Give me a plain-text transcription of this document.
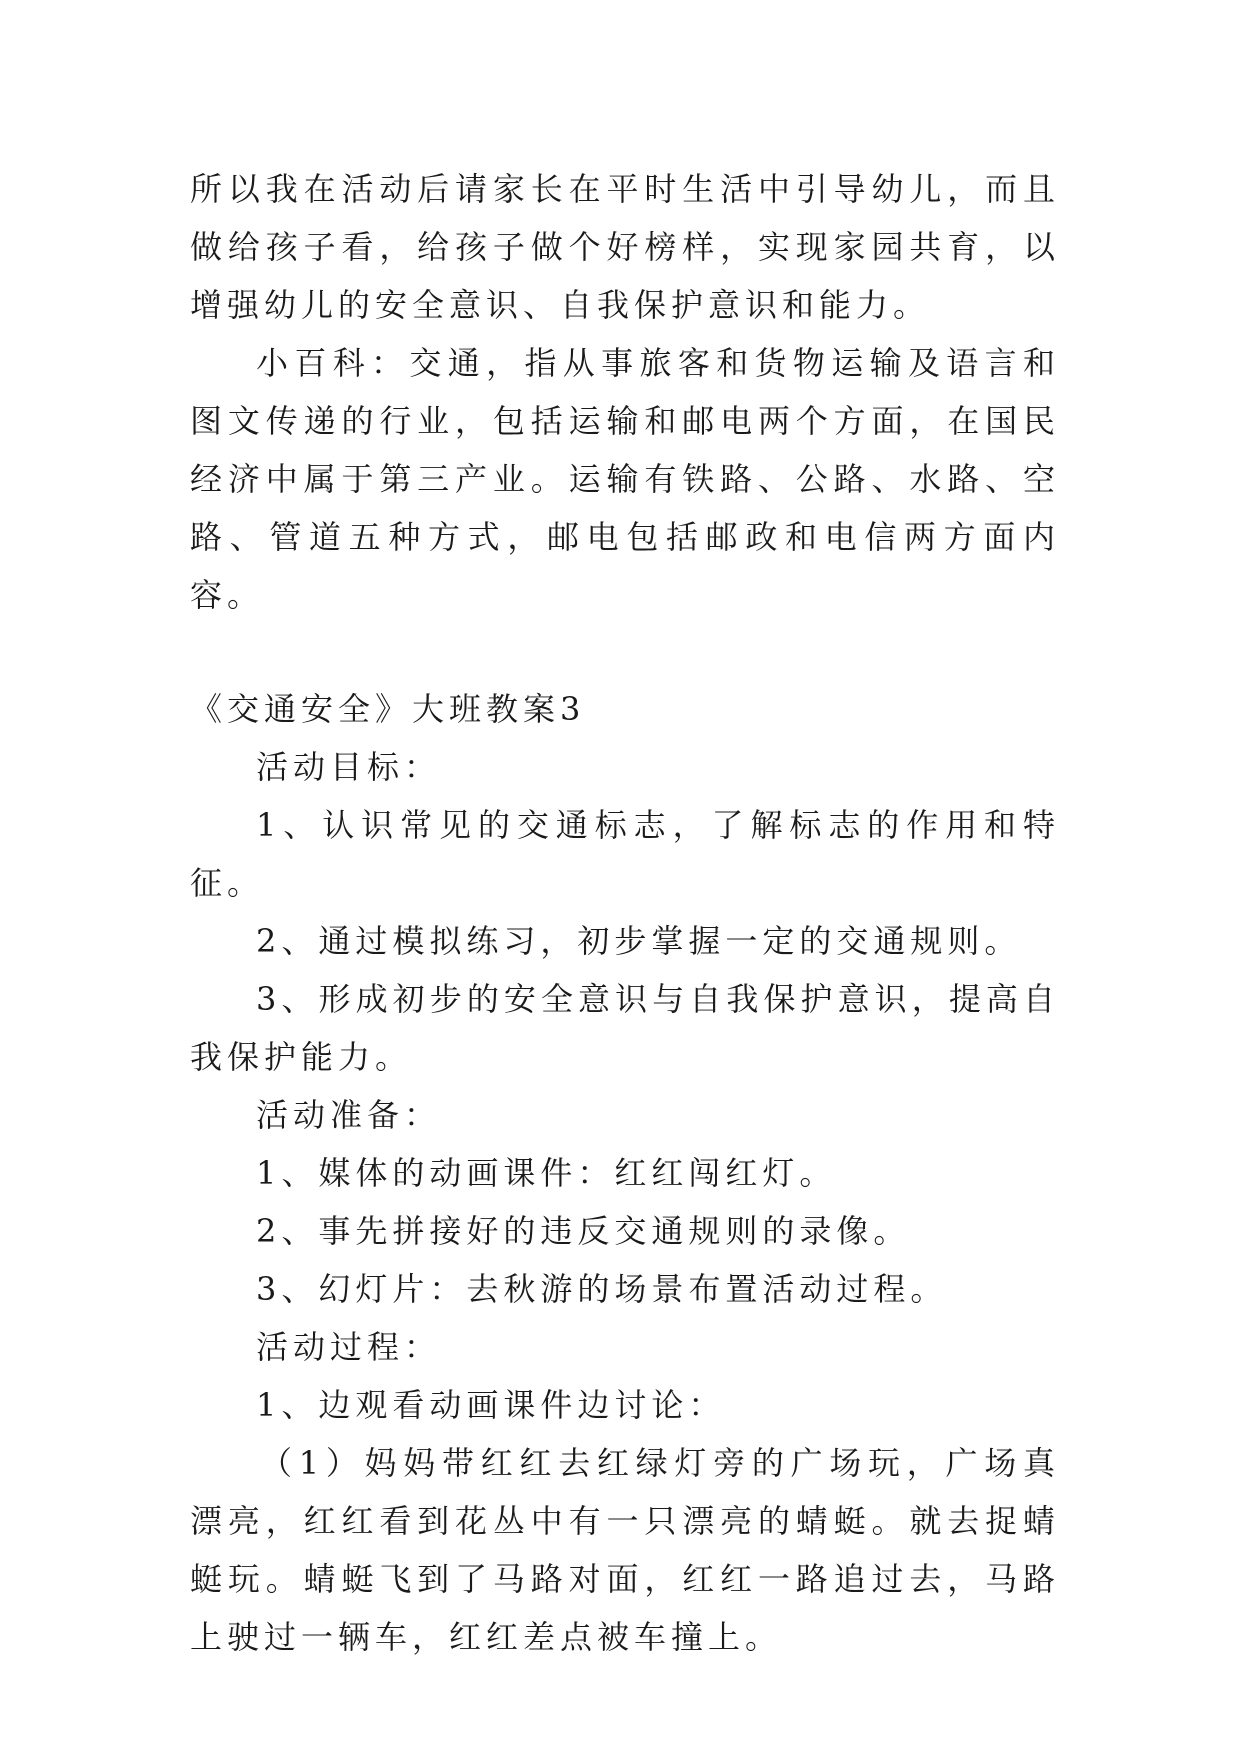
所以我在活动后请家长在平时生活中引导幼儿，而且做给孩子看，给孩子做个好榜样，实现家园共育，以增强幼儿的安全意识、自我保护意识和能力。

小百科：交通，指从事旅客和货物运输及语言和图文传递的行业，包括运输和邮电两个方面，在国民经济中属于第三产业。运输有铁路、公路、水路、空路、管道五种方式，邮电包括邮政和电信两方面内容。

《交通安全》大班教案3

活动目标：

1、认识常见的交通标志，了解标志的作用和特征。

2、通过模拟练习，初步掌握一定的交通规则。

3、形成初步的安全意识与自我保护意识，提高自我保护能力。

活动准备：

1、媒体的动画课件：红红闯红灯。

2、事先拼接好的违反交通规则的录像。

3、幻灯片：去秋游的场景布置活动过程。

活动过程：

1、边观看动画课件边讨论：

（1）妈妈带红红去红绿灯旁的广场玩，广场真漂亮，红红看到花丛中有一只漂亮的蜻蜓。就去捉蜻蜓玩。蜻蜓飞到了马路对面，红红一路追过去，马路上驶过一辆车，红红差点被车撞上。
